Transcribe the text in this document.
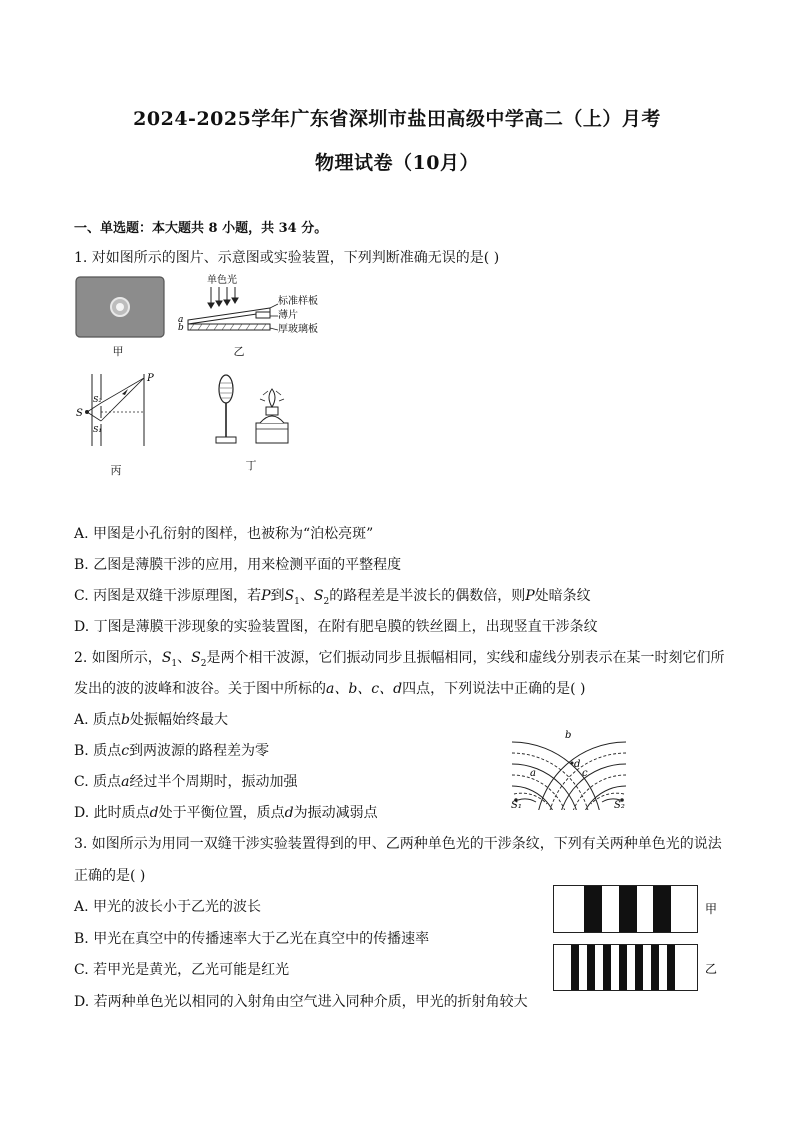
2024-2025学年广东省深圳市盐田高级中学高二（上）月考
物理试卷（10月）
一、单选题：本大题共 8 小题，共 34 分。
1. 对如图所示的图片、示意图或实验装置，下列判断准确无误的是( )
甲
单色光
标准样板
薄片
厚玻璃板
a
b
乙
P
S
S₂
S₁
丙	丁
A. 甲图是小孔衍射的图样，也被称为“泊松亮斑”
B. 乙图是薄膜干涉的应用，用来检测平面的平整程度
C. 丙图是双缝干涉原理图，若P到$S_1$、$S_2$的路程差是半波长的偶数倍，则P处暗条纹
D. 丁图是薄膜干涉现象的实验装置图，在附有肥皂膜的铁丝圈上，出现竖直干涉条纹
2. 如图所示，$S_1$、$S_2$是两个相干波源，它们振动同步且振幅相同，实线和虚线分别表示在某一时刻它们所
发出的波的波峰和波谷。关于图中所标的a、b、c、d四点，下列说法中正确的是( )
A. 质点b处振幅始终最大
B. 质点c到两波源的路程差为零
C. 质点a经过半个周期时，振动加强
D. 此时质点d处于平衡位置，质点d为振动减弱点
b
a
d
c
S₁	S₂
3. 如图所示为用同一双缝干涉实验装置得到的甲、乙两种单色光的干涉条纹，下列有关两种单色光的说法
正确的是( )
A. 甲光的波长小于乙光的波长
B. 甲光在真空中的传播速率大于乙光在真空中的传播速率
C. 若甲光是黄光，乙光可能是红光
D. 若两种单色光以相同的入射角由空气进入同种介质，甲光的折射角较大
甲
乙
